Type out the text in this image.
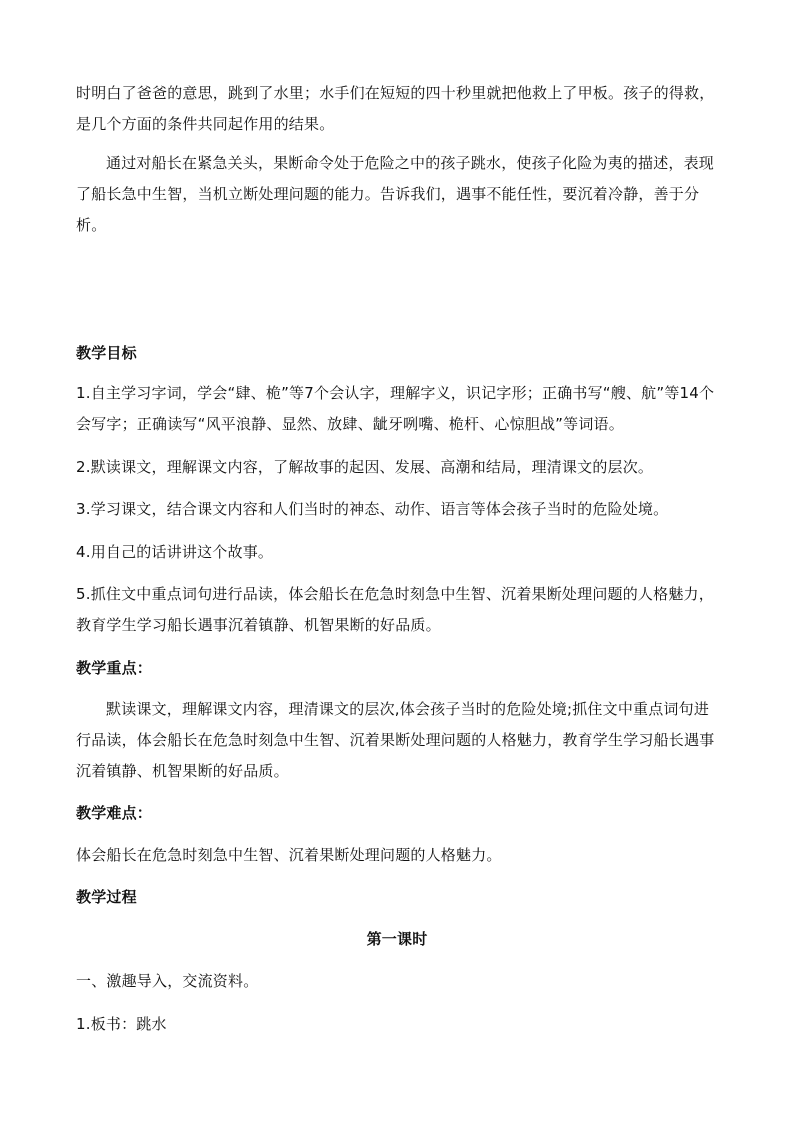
时明白了爸爸的意思，跳到了水里；水手们在短短的四十秒里就把他救上了甲板。孩子的得救，是几个方面的条件共同起作用的结果。

通过对船长在紧急关头，果断命令处于危险之中的孩子跳水，使孩子化险为夷的描述，表现了船长急中生智，当机立断处理问题的能力。告诉我们，遇事不能任性，要沉着冷静，善于分析。

教学目标

1.自主学习字词，学会“肆、桅”等7个会认字，理解字义，识记字形；正确书写“艘、航”等14个会写字；正确读写“风平浪静、显然、放肆、龇牙咧嘴、桅杆、心惊胆战”等词语。

2.默读课文，理解课文内容，了解故事的起因、发展、高潮和结局，理清课文的层次。

3.学习课文，结合课文内容和人们当时的神态、动作、语言等体会孩子当时的危险处境。

4.用自己的话讲讲这个故事。

5.抓住文中重点词句进行品读，体会船长在危急时刻急中生智、沉着果断处理问题的人格魅力，教育学生学习船长遇事沉着镇静、机智果断的好品质。

教学重点：

默读课文，理解课文内容，理清课文的层次,体会孩子当时的危险处境;抓住文中重点词句进行品读，体会船长在危急时刻急中生智、沉着果断处理问题的人格魅力，教育学生学习船长遇事沉着镇静、机智果断的好品质。

教学难点：

体会船长在危急时刻急中生智、沉着果断处理问题的人格魅力。

教学过程

第一课时

一、激趣导入，交流资料。

1.板书：跳水
